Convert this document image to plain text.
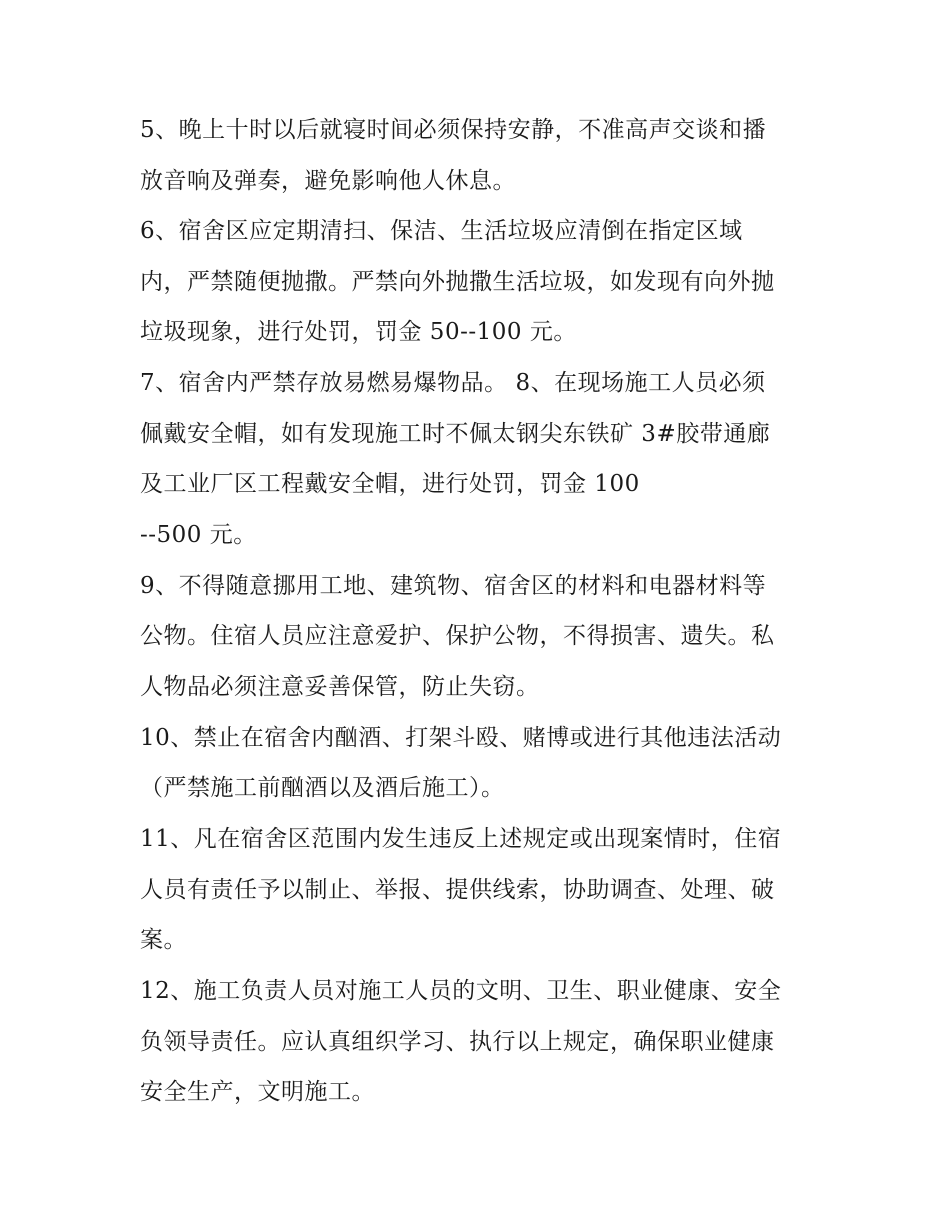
5、晚上十时以后就寝时间必须保持安静，不准高声交谈和播
放音响及弹奏，避免影响他人休息。
6、宿舍区应定期清扫、保洁、生活垃圾应清倒在指定区域
内，严禁随便抛撒。严禁向外抛撒生活垃圾，如发现有向外抛
垃圾现象，进行处罚，罚金 50--100 元。
7、宿舍内严禁存放易燃易爆物品。 8、在现场施工人员必须
佩戴安全帽，如有发现施工时不佩太钢尖东铁矿 3#胶带通廊
及工业厂区工程戴安全帽，进行处罚，罚金 100
--500 元。
9、不得随意挪用工地、建筑物、宿舍区的材料和电器材料等
公物。住宿人员应注意爱护、保护公物，不得损害、遗失。私
人物品必须注意妥善保管，防止失窃。
10、禁止在宿舍内酗酒、打架斗殴、赌博或进行其他违法活动
（严禁施工前酗酒以及酒后施工）。
11、凡在宿舍区范围内发生违反上述规定或出现案情时，住宿
人员有责任予以制止、举报、提供线索，协助调查、处理、破
案。
12、施工负责人员对施工人员的文明、卫生、职业健康、安全
负领导责任。应认真组织学习、执行以上规定，确保职业健康
安全生产，文明施工。
